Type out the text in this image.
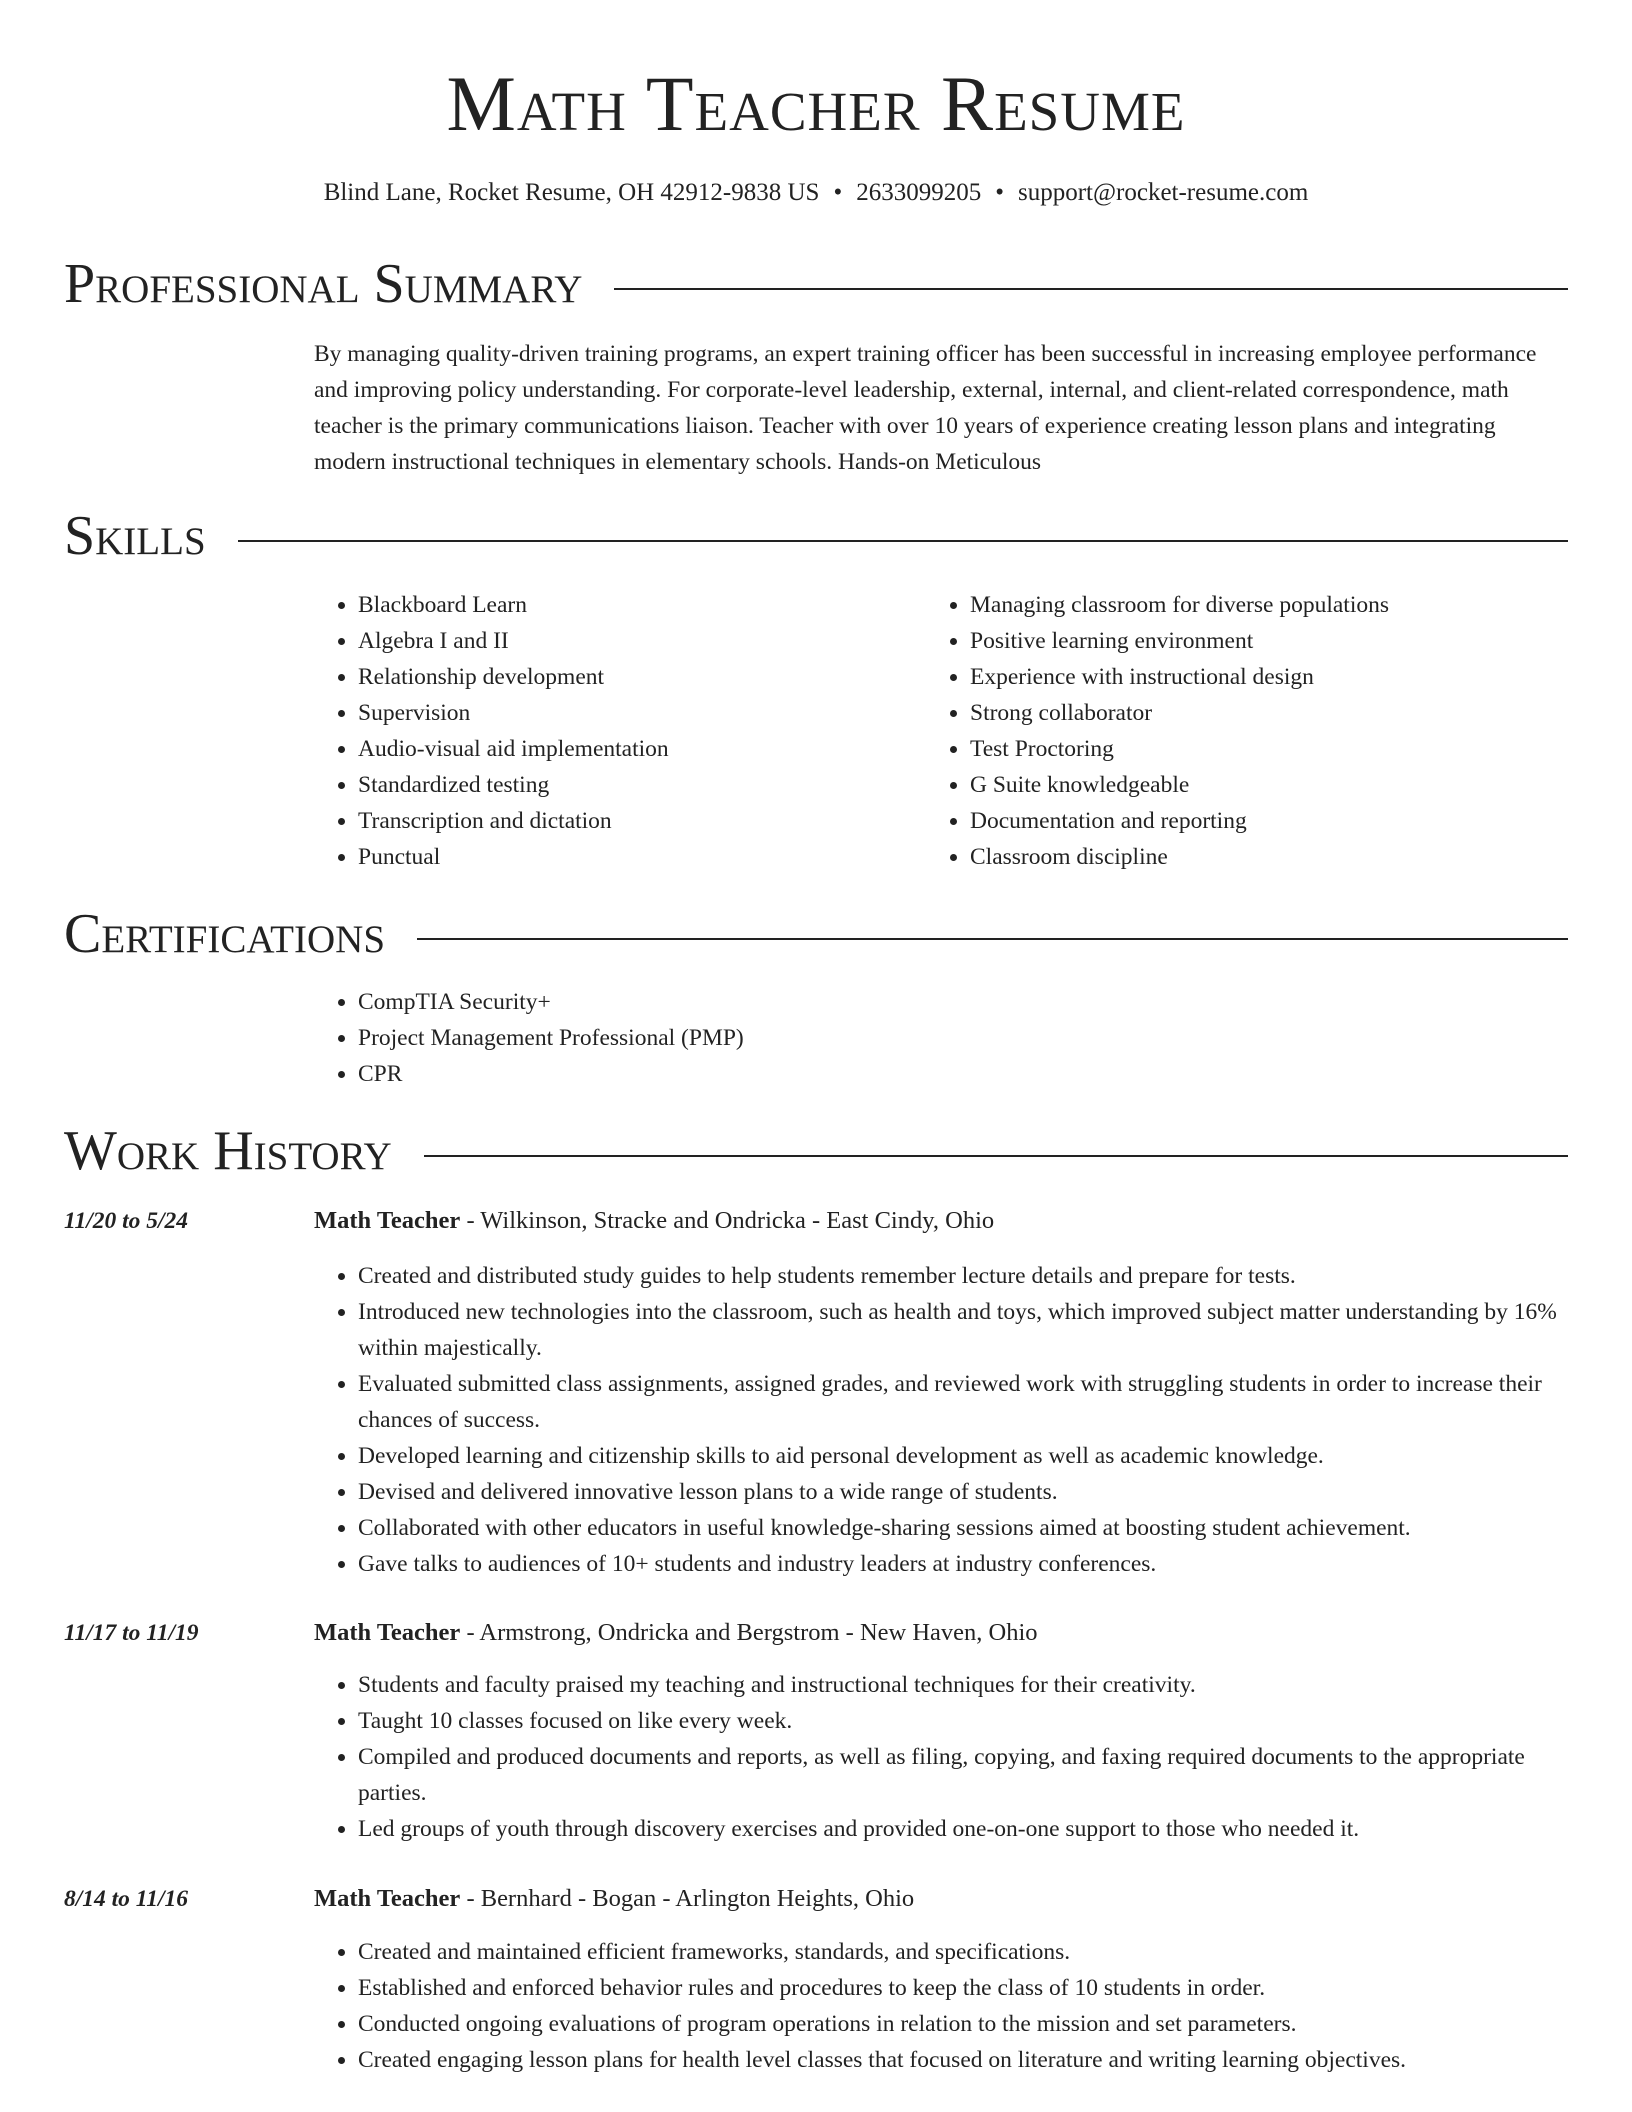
Math Teacher Resume
Blind Lane, Rocket Resume, OH 42912-9838 US • 2633099205 • support@rocket-resume.com
Professional Summary

By managing quality-driven training programs, an expert training officer has been successful in increasing employee performance and improving policy understanding. For corporate-level leadership, external, internal, and client-related correspondence, math teacher is the primary communications liaison. Teacher with over 10 years of experience creating lesson plans and integrating modern instructional techniques in elementary schools. Hands-on Meticulous

Skills
• Blackboard Learn
• Algebra I and II
• Relationship development
• Supervision
• Audio-visual aid implementation
• Standardized testing
• Transcription and dictation
• Punctual
• Managing classroom for diverse populations
• Positive learning environment
• Experience with instructional design
• Strong collaborator
• Test Proctoring
• G Suite knowledgeable
• Documentation and reporting
• Classroom discipline
Certifications
• CompTIA Security+
• Project Management Professional (PMP)
• CPR
Work History
11/20 to 5/24	Math Teacher - Wilkinson, Stracke and Ondricka - East Cindy, Ohio
• Created and distributed study guides to help students remember lecture details and prepare for tests.
• Introduced new technologies into the classroom, such as health and toys, which improved subject matter understanding by 16% within majestically.
• Evaluated submitted class assignments, assigned grades, and reviewed work with struggling students in order to increase their chances of success.
• Developed learning and citizenship skills to aid personal development as well as academic knowledge.
• Devised and delivered innovative lesson plans to a wide range of students.
• Collaborated with other educators in useful knowledge-sharing sessions aimed at boosting student achievement.
• Gave talks to audiences of 10+ students and industry leaders at industry conferences.
11/17 to 11/19	Math Teacher - Armstrong, Ondricka and Bergstrom - New Haven, Ohio
• Students and faculty praised my teaching and instructional techniques for their creativity.
• Taught 10 classes focused on like every week.
• Compiled and produced documents and reports, as well as filing, copying, and faxing required documents to the appropriate parties.
• Led groups of youth through discovery exercises and provided one-on-one support to those who needed it.
8/14 to 11/16	Math Teacher - Bernhard - Bogan - Arlington Heights, Ohio
• Created and maintained efficient frameworks, standards, and specifications.
• Established and enforced behavior rules and procedures to keep the class of 10 students in order.
• Conducted ongoing evaluations of program operations in relation to the mission and set parameters.
• Created engaging lesson plans for health level classes that focused on literature and writing learning objectives.
